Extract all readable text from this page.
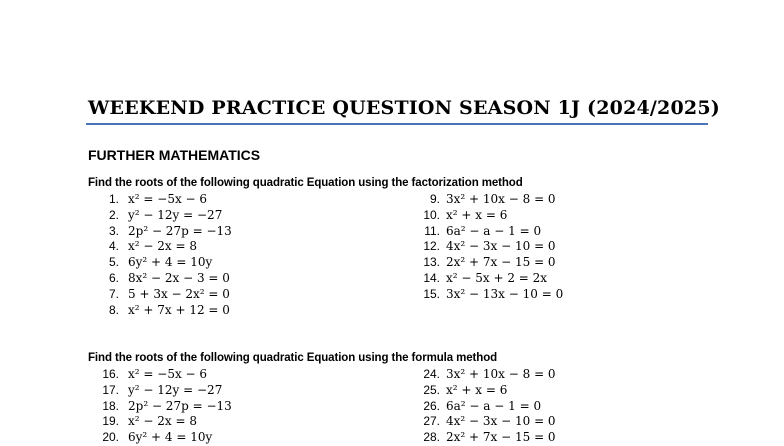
WEEKEND PRACTICE QUESTION SEASON 1J (2024/2025)
FURTHER MATHEMATICS

Find the roots of the following quadratic Equation using the factorization method

1. x² = −5x − 6
2. y² − 12y = −27
3. 2p² − 27p = −13
4. x² − 2x = 8
5. 6y² + 4 = 10y
6. 8x² − 2x − 3 = 0
7. 5 + 3x − 2x² = 0
8. x² + 7x + 12 = 0
9. 3x² + 10x − 8 = 0
10. x² + x = 6
11. 6a² − a − 1 = 0
12. 4x² − 3x − 10 = 0
13. 2x² + 7x − 15 = 0
14. x² − 5x + 2 = 2x
15. 3x² − 13x − 10 = 0

Find the roots of the following quadratic Equation using the formula method

16. x² = −5x − 6
17. y² − 12y = −27
18. 2p² − 27p = −13
19. x² − 2x = 8
20. 6y² + 4 = 10y
24. 3x² + 10x − 8 = 0
25. x² + x = 6
26. 6a² − a − 1 = 0
27. 4x² − 3x − 10 = 0
28. 2x² + 7x − 15 = 0
